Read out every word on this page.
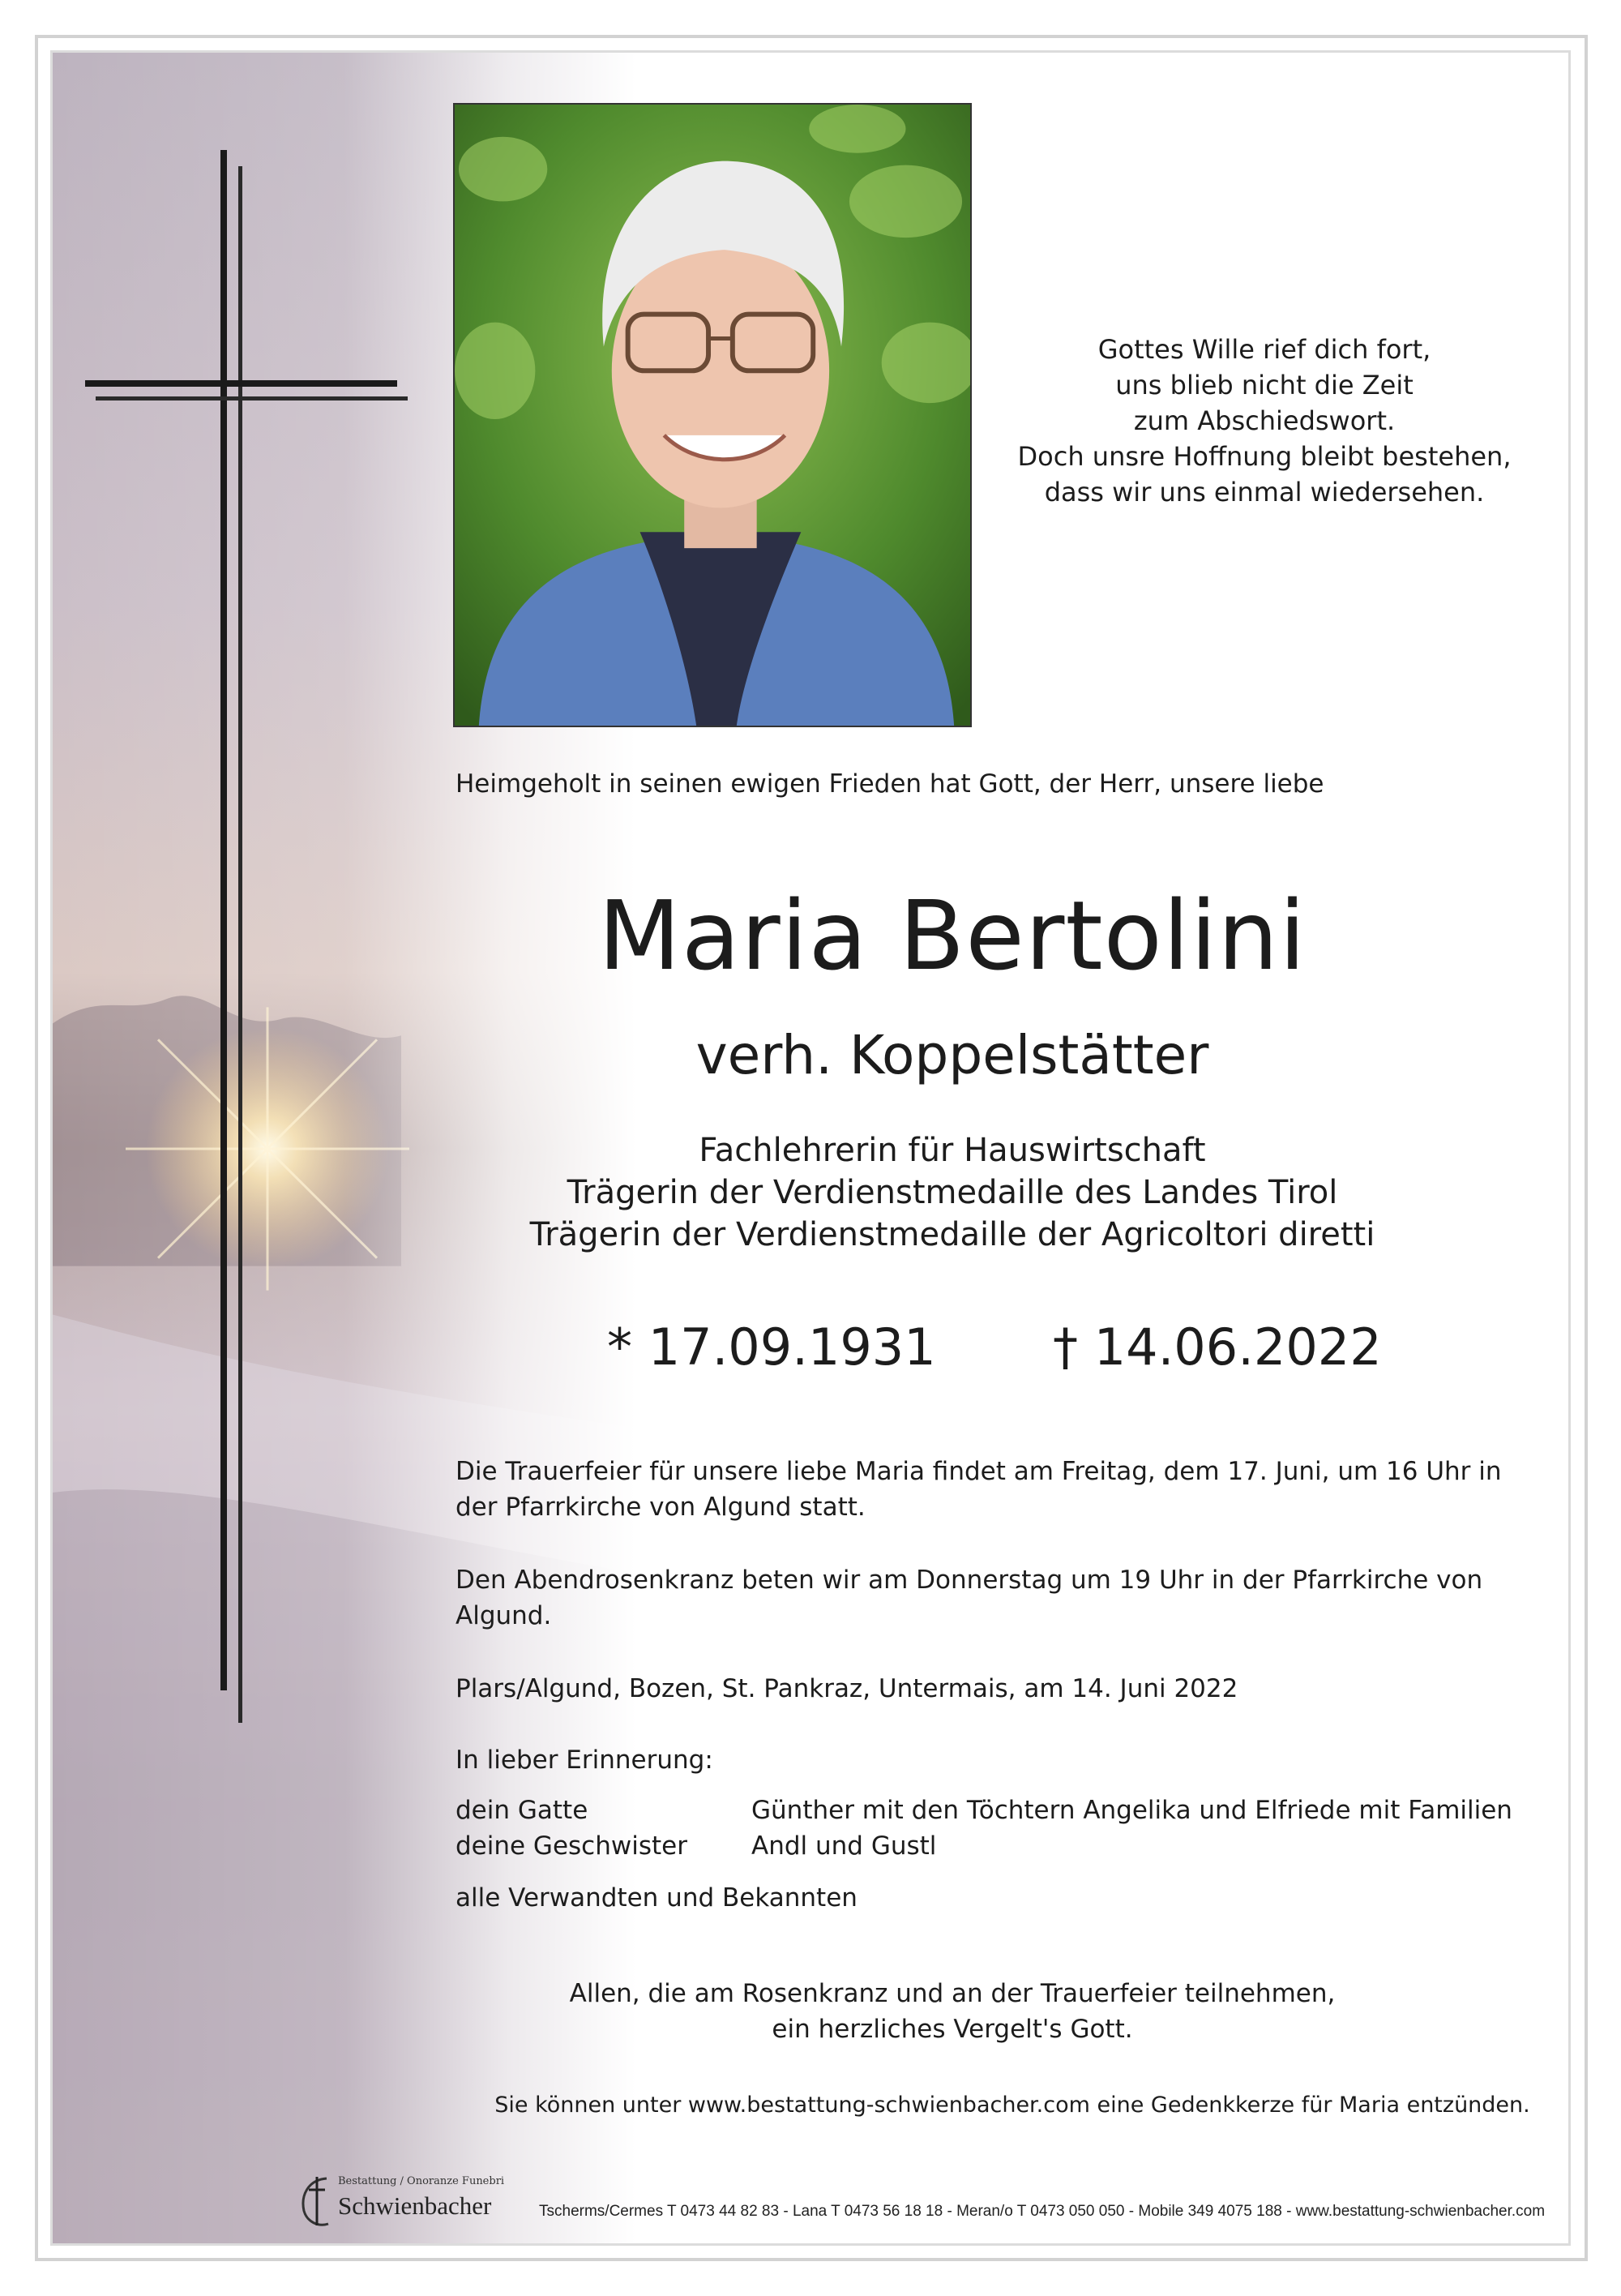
Gottes Wille rief dich fort,
uns blieb nicht die Zeit
zum Abschiedswort.
Doch unsre Hoffnung bleibt bestehen,
dass wir uns einmal wiedersehen.
Heimgeholt in seinen ewigen Frieden hat Gott, der Herr, unsere liebe
Maria Bertolini
verh. Koppelstätter
Fachlehrerin für Hauswirtschaft
Trägerin der Verdienstmedaille des Landes Tirol
Trägerin der Verdienstmedaille der Agricoltori diretti
* 17.09.1931 † 14.06.2022
Die Trauerfeier für unsere liebe Maria findet am Freitag, dem 17. Juni, um 16 Uhr in der Pfarrkirche von Algund statt.
Den Abendrosenkranz beten wir am Donnerstag um 19 Uhr in der Pfarrkirche von Algund.
Plars/Algund, Bozen, St. Pankraz, Untermais, am 14. Juni 2022
In lieber Erinnerung:
dein Gatte	Günther mit den Töchtern Angelika und Elfriede mit Familien
deine Geschwister	Andl und Gustl
alle Verwandten und Bekannten
Allen, die am Rosenkranz und an der Trauerfeier teilnehmen,
ein herzliches Vergelt's Gott.
Sie können unter www.bestattung-schwienbacher.com eine Gedenkkerze für Maria entzünden.
Bestattung / Onoranze Funebri
Schwienbacher	Tscherms/Cermes T 0473 44 82 83 - Lana T 0473 56 18 18 - Meran/o T 0473 050 050 - Mobile 349 4075 188 - www.bestattung-schwienbacher.com
